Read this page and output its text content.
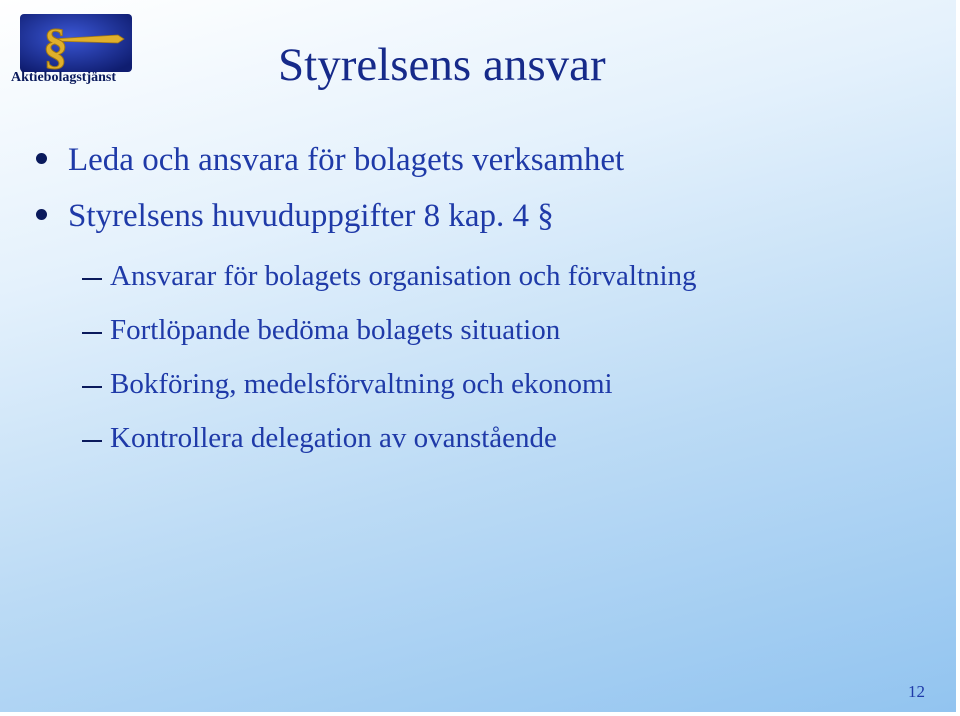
§
Aktiebolagstjänst	Styrelsens ansvar
Leda och ansvara för bolagets verksamhet
Styrelsens huvuduppgifter 8 kap. 4 §
Ansvarar för bolagets organisation och förvaltning
Fortlöpande bedöma bolagets situation
Bokföring, medelsförvaltning och ekonomi
Kontrollera delegation av ovanstående
12
